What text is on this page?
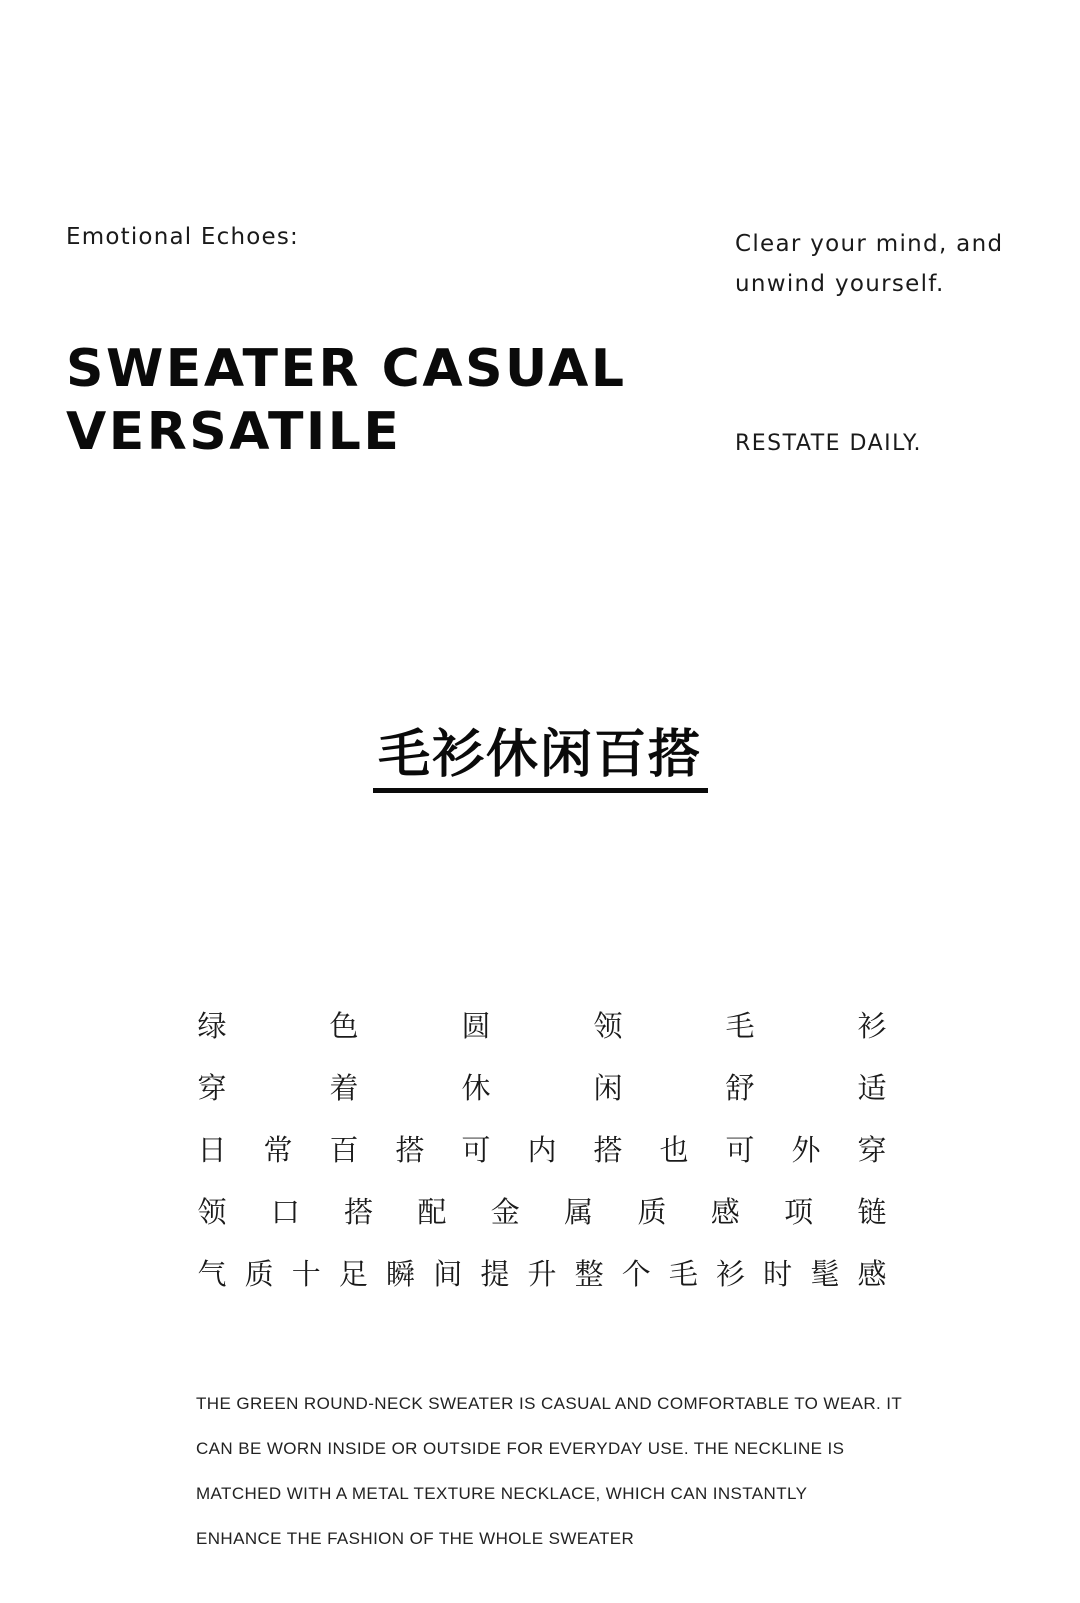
Emotional Echoes:	Clear your mind, and
unwind yourself.
SWEATER CASUAL
VERSATILE	RESTATE DAILY.
毛衫休闲百搭
绿	色	圆	领	毛	衫
穿	着	休	闲	舒	适
日 常 百 搭 可 内 搭 也 可 外 穿
领 口 搭 配 金 属 质 感 项 链
气 质 十 足 瞬 间 提 升 整 个 毛 衫 时 髦 感
THE GREEN ROUND-NECK SWEATER IS CASUAL AND COMFORTABLE TO WEAR. IT
CAN BE WORN INSIDE OR OUTSIDE FOR EVERYDAY USE. THE NECKLINE IS
MATCHED WITH A METAL TEXTURE NECKLACE, WHICH CAN INSTANTLY
ENHANCE THE FASHION OF THE WHOLE SWEATER
